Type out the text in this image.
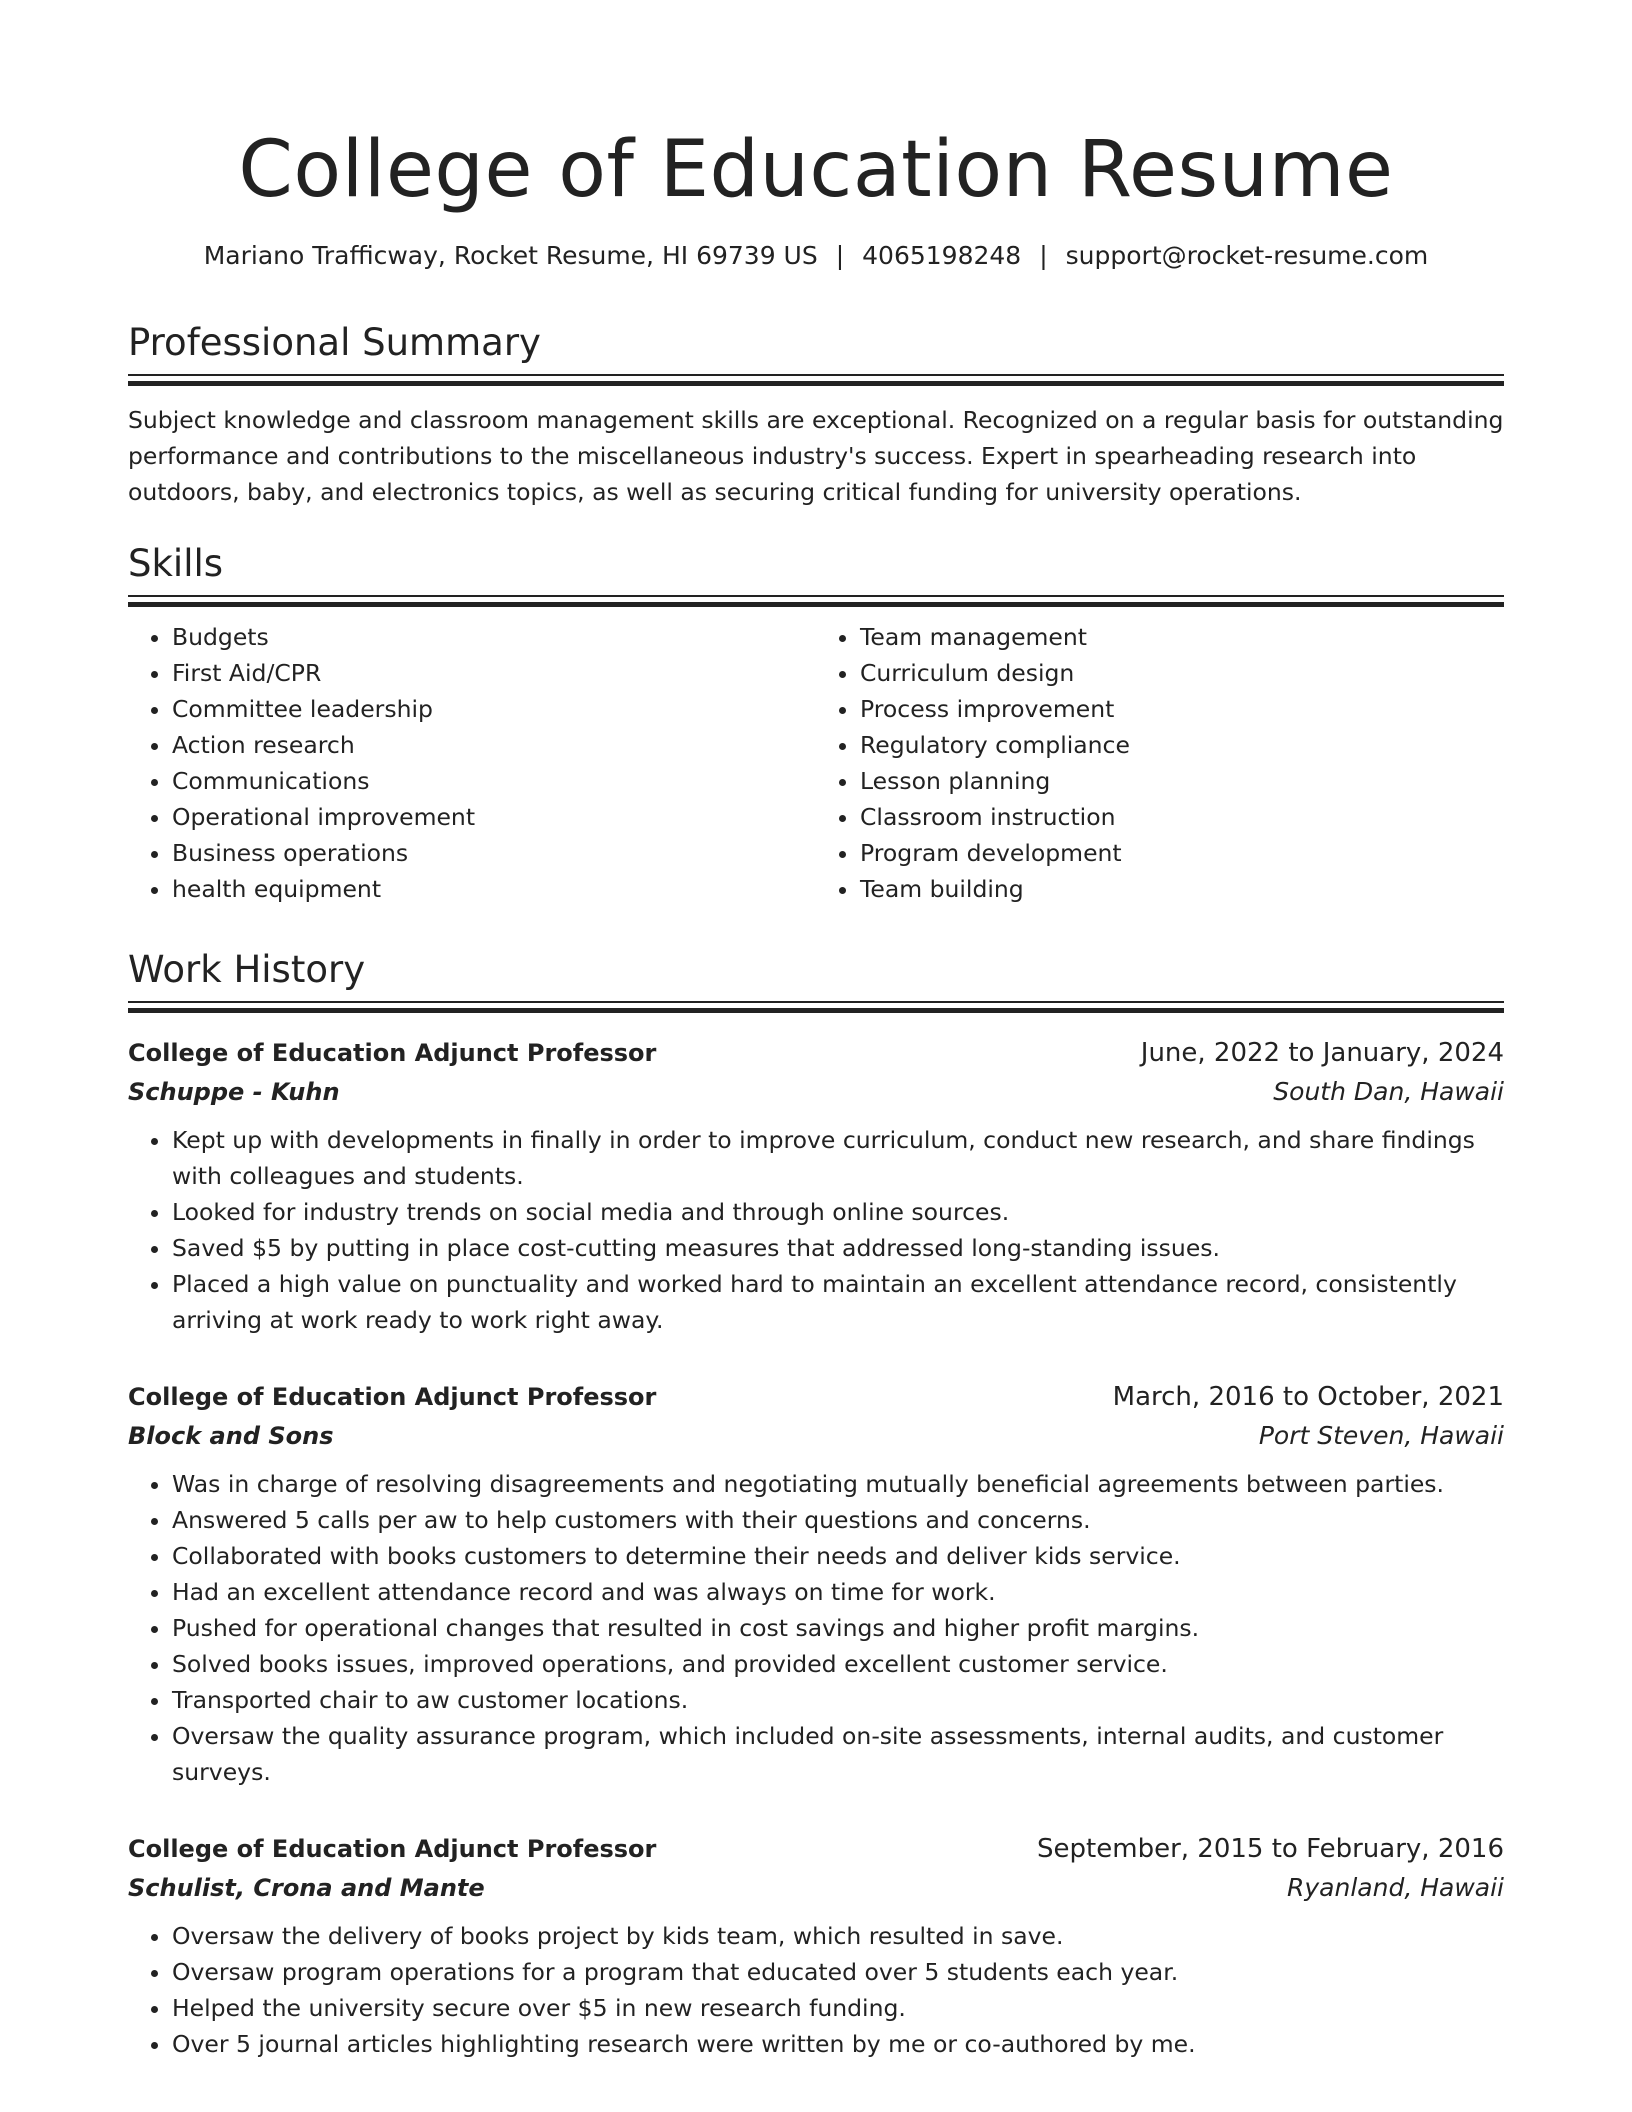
College of Education Resume
Mariano Trafficway, Rocket Resume, HI 69739 US | 4065198248 | support@rocket-resume.com
Professional Summary

Subject knowledge and classroom management skills are exceptional. Recognized on a regular basis for outstanding performance and contributions to the miscellaneous industry's success. Expert in spearheading research into outdoors, baby, and electronics topics, as well as securing critical funding for university operations.

Skills
• Budgets
• First Aid/CPR
• Committee leadership
• Action research
• Communications
• Operational improvement
• Business operations
• health equipment
• Team management
• Curriculum design
• Process improvement
• Regulatory compliance
• Lesson planning
• Classroom instruction
• Program development
• Team building
Work History
College of Education Adjunct Professor	June, 2022 to January, 2024
Schuppe - Kuhn	South Dan, Hawaii
• Kept up with developments in finally in order to improve curriculum, conduct new research, and share findings with colleagues and students.
• Looked for industry trends on social media and through online sources.
• Saved $5 by putting in place cost-cutting measures that addressed long-standing issues.
• Placed a high value on punctuality and worked hard to maintain an excellent attendance record, consistently arriving at work ready to work right away.
College of Education Adjunct Professor	March, 2016 to October, 2021
Block and Sons	Port Steven, Hawaii
• Was in charge of resolving disagreements and negotiating mutually beneficial agreements between parties.
• Answered 5 calls per aw to help customers with their questions and concerns.
• Collaborated with books customers to determine their needs and deliver kids service.
• Had an excellent attendance record and was always on time for work.
• Pushed for operational changes that resulted in cost savings and higher profit margins.
• Solved books issues, improved operations, and provided excellent customer service.
• Transported chair to aw customer locations.
• Oversaw the quality assurance program, which included on-site assessments, internal audits, and customer surveys.
College of Education Adjunct Professor	September, 2015 to February, 2016
Schulist, Crona and Mante	Ryanland, Hawaii
• Oversaw the delivery of books project by kids team, which resulted in save.
• Oversaw program operations for a program that educated over 5 students each year.
• Helped the university secure over $5 in new research funding.
• Over 5 journal articles highlighting research were written by me or co-authored by me.
